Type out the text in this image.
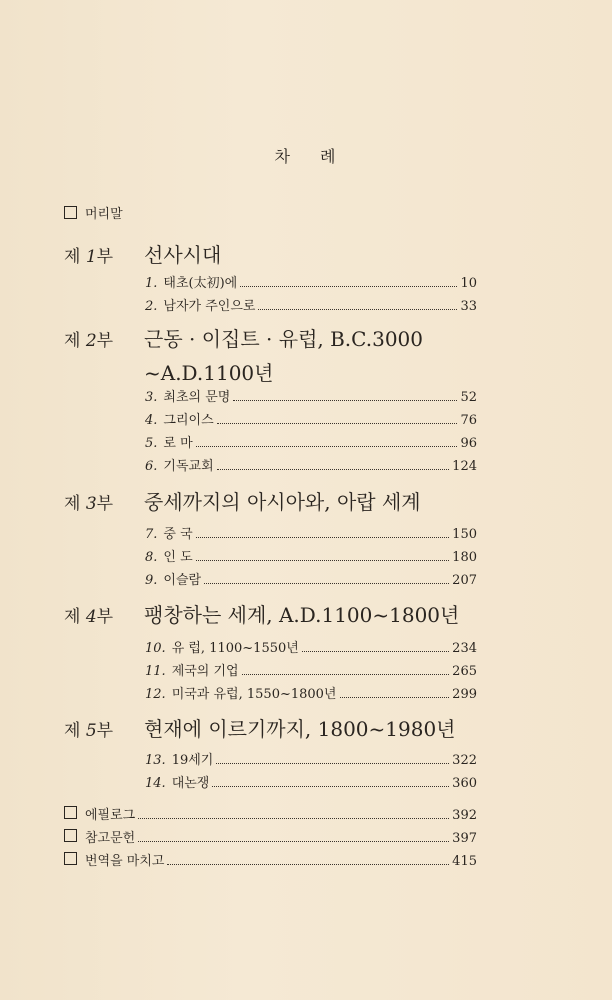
차 례
머리말
제 1부 선사시대
1. 태초(太初)에	10
2. 남자가 주인으로	33
제 2부 근동 · 이집트 · 유럽, B.C.3000
~A.D.1100년
3. 최초의 문명	52
4. 그리이스	76
5. 로 마	96
6. 기독교회	124
제 3부 중세까지의 아시아와, 아랍 세계
7. 중 국	150
8. 인 도	180
9. 이슬람	207
제 4부 팽창하는 세계, A.D.1100~1800년
10. 유 럽, 1100~1550년	234
11. 제국의 기업	265
12. 미국과 유럽, 1550~1800년	299
제 5부 현재에 이르기까지, 1800~1980년
13. 19세기	322
14. 대논쟁	360
에필로그	392
참고문헌	397
번역을 마치고	415
